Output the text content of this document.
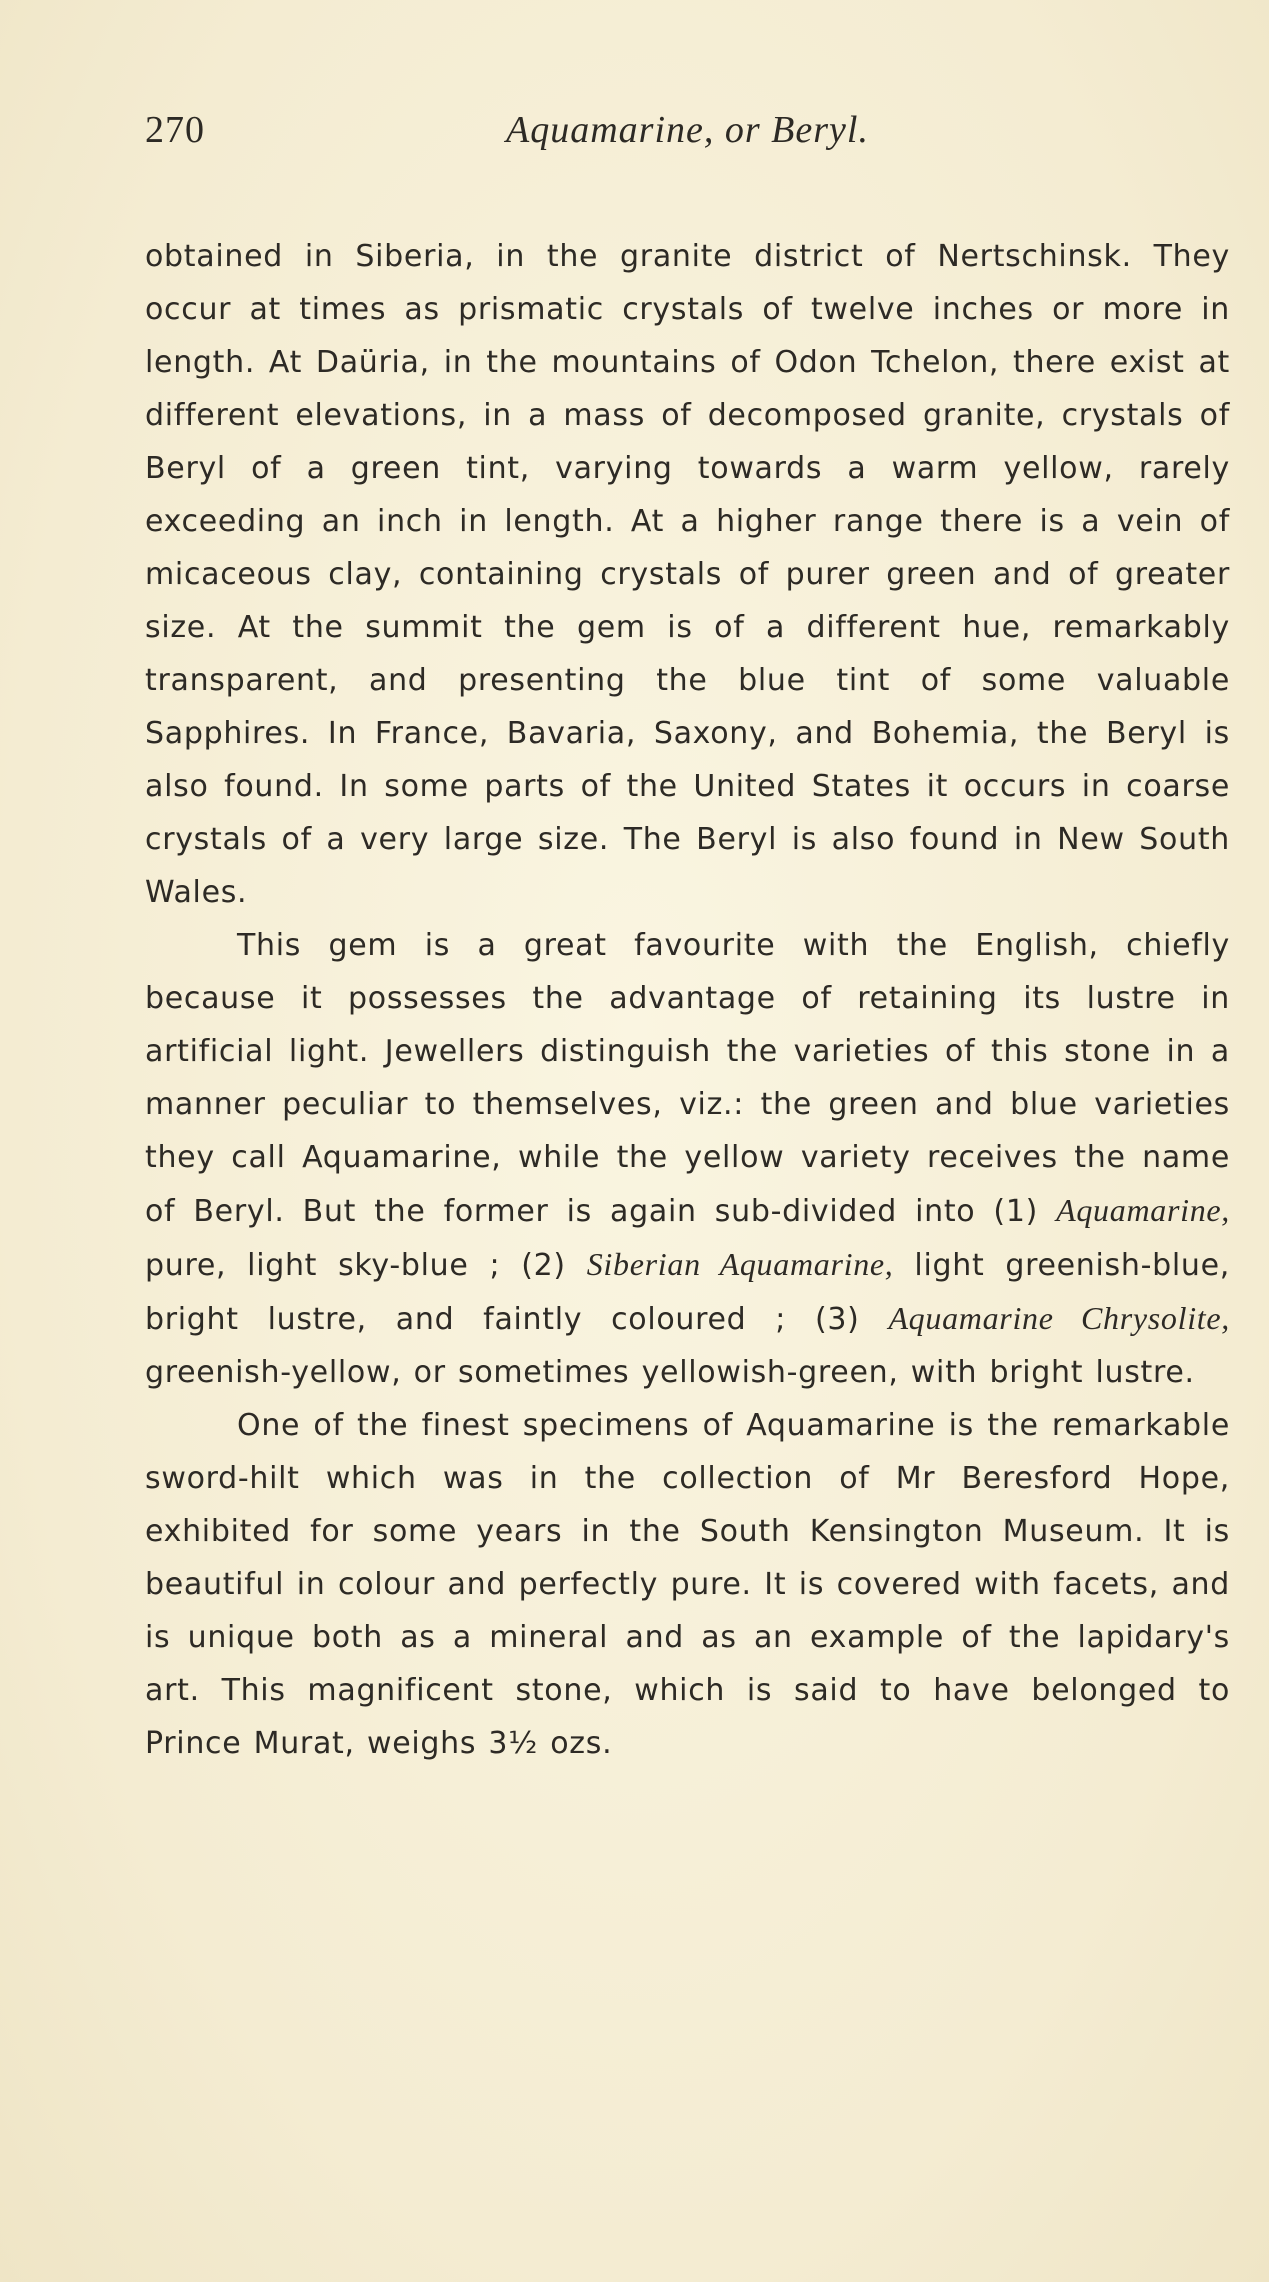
270	Aquamarine, or Beryl.

obtained in Siberia, in the granite district of Nertschinsk. They occur at times as prismatic crystals of twelve inches or more in length. At Daüria, in the mountains of Odon Tchelon, there exist at different elevations, in a mass of decomposed granite, crystals of Beryl of a green tint, varying towards a warm yellow, rarely exceeding an inch in length. At a higher range there is a vein of micaceous clay, containing crystals of purer green and of greater size. At the summit the gem is of a different hue, remarkably transparent, and presenting the blue tint of some valuable Sapphires. In France, Bavaria, Saxony, and Bohemia, the Beryl is also found. In some parts of the United States it occurs in coarse crystals of a very large size. The Beryl is also found in New South Wales.

This gem is a great favourite with the English, chiefly because it possesses the advantage of retaining its lustre in artificial light. Jewellers distinguish the varieties of this stone in a manner peculiar to themselves, viz.: the green and blue varieties they call Aquamarine, while the yellow variety receives the name of Beryl. But the former is again sub-divided into (1) Aquamarine, pure, light sky-blue ; (2) Siberian Aquamarine, light greenish-blue, bright lustre, and faintly coloured ; (3) Aquamarine Chrysolite, greenish-yellow, or sometimes yellowish-green, with bright lustre.

One of the finest specimens of Aquamarine is the remarkable sword-hilt which was in the collection of Mr Beresford Hope, exhibited for some years in the South Kensington Museum. It is beautiful in colour and perfectly pure. It is covered with facets, and is unique both as a mineral and as an example of the lapidary's art. This magnificent stone, which is said to have belonged to Prince Murat, weighs 3½ ozs.
